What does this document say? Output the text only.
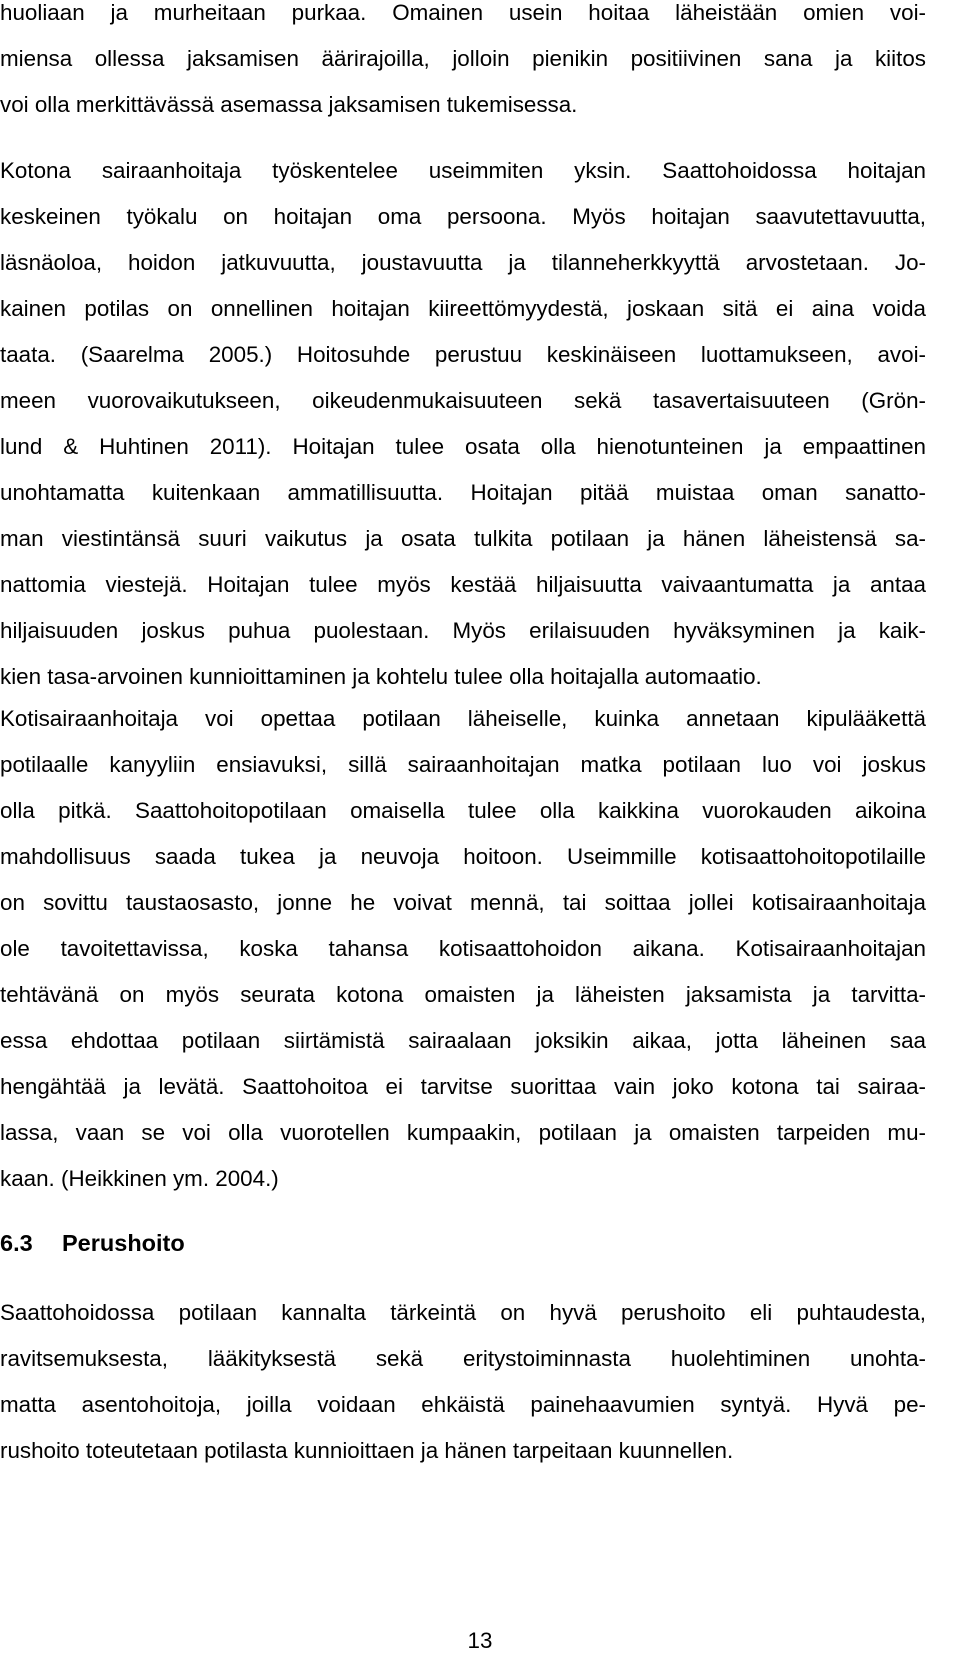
huoliaan ja murheitaan purkaa. Omainen usein hoitaa läheistään omien voi-
miensa ollessa jaksamisen äärirajoilla, jolloin pienikin positiivinen sana ja kiitos
voi olla merkittävässä asemassa jaksamisen tukemisessa.
Kotona sairaanhoitaja työskentelee useimmiten yksin. Saattohoidossa hoitajan
keskeinen työkalu on hoitajan oma persoona. Myös hoitajan saavutettavuutta,
läsnäoloa, hoidon jatkuvuutta, joustavuutta ja tilanneherkkyyttä arvostetaan. Jo-
kainen potilas on onnellinen hoitajan kiireettömyydestä, joskaan sitä ei aina voida
taata. (Saarelma 2005.) Hoitosuhde perustuu keskinäiseen luottamukseen, avoi-
meen vuorovaikutukseen, oikeudenmukaisuuteen sekä tasavertaisuuteen (Grön-
lund & Huhtinen 2011). Hoitajan tulee osata olla hienotunteinen ja empaattinen
unohtamatta kuitenkaan ammatillisuutta. Hoitajan pitää muistaa oman sanatto-
man viestintänsä suuri vaikutus ja osata tulkita potilaan ja hänen läheistensä sa-
nattomia viestejä. Hoitajan tulee myös kestää hiljaisuutta vaivaantumatta ja antaa
hiljaisuuden joskus puhua puolestaan. Myös erilaisuuden hyväksyminen ja kaik-
kien tasa-arvoinen kunnioittaminen ja kohtelu tulee olla hoitajalla automaatio.
Kotisairaanhoitaja voi opettaa potilaan läheiselle, kuinka annetaan kipulääkettä
potilaalle kanyyliin ensiavuksi, sillä sairaanhoitajan matka potilaan luo voi joskus
olla pitkä. Saattohoitopotilaan omaisella tulee olla kaikkina vuorokauden aikoina
mahdollisuus saada tukea ja neuvoja hoitoon. Useimmille kotisaattohoitopotilaille
on sovittu taustaosasto, jonne he voivat mennä, tai soittaa jollei kotisairaanhoitaja
ole tavoitettavissa, koska tahansa kotisaattohoidon aikana. Kotisairaanhoitajan
tehtävänä on myös seurata kotona omaisten ja läheisten jaksamista ja tarvitta-
essa ehdottaa potilaan siirtämistä sairaalaan joksikin aikaa, jotta läheinen saa
hengähtää ja levätä. Saattohoitoa ei tarvitse suorittaa vain joko kotona tai sairaa-
lassa, vaan se voi olla vuorotellen kumpaakin, potilaan ja omaisten tarpeiden mu-
kaan. (Heikkinen ym. 2004.)
6.3 Perushoito
Saattohoidossa potilaan kannalta tärkeintä on hyvä perushoito eli puhtaudesta,
ravitsemuksesta, lääkityksestä sekä eritystoiminnasta huolehtiminen unohta-
matta asentohoitoja, joilla voidaan ehkäistä painehaavumien syntyä. Hyvä pe-
rushoito toteutetaan potilasta kunnioittaen ja hänen tarpeitaan kuunnellen.
13
